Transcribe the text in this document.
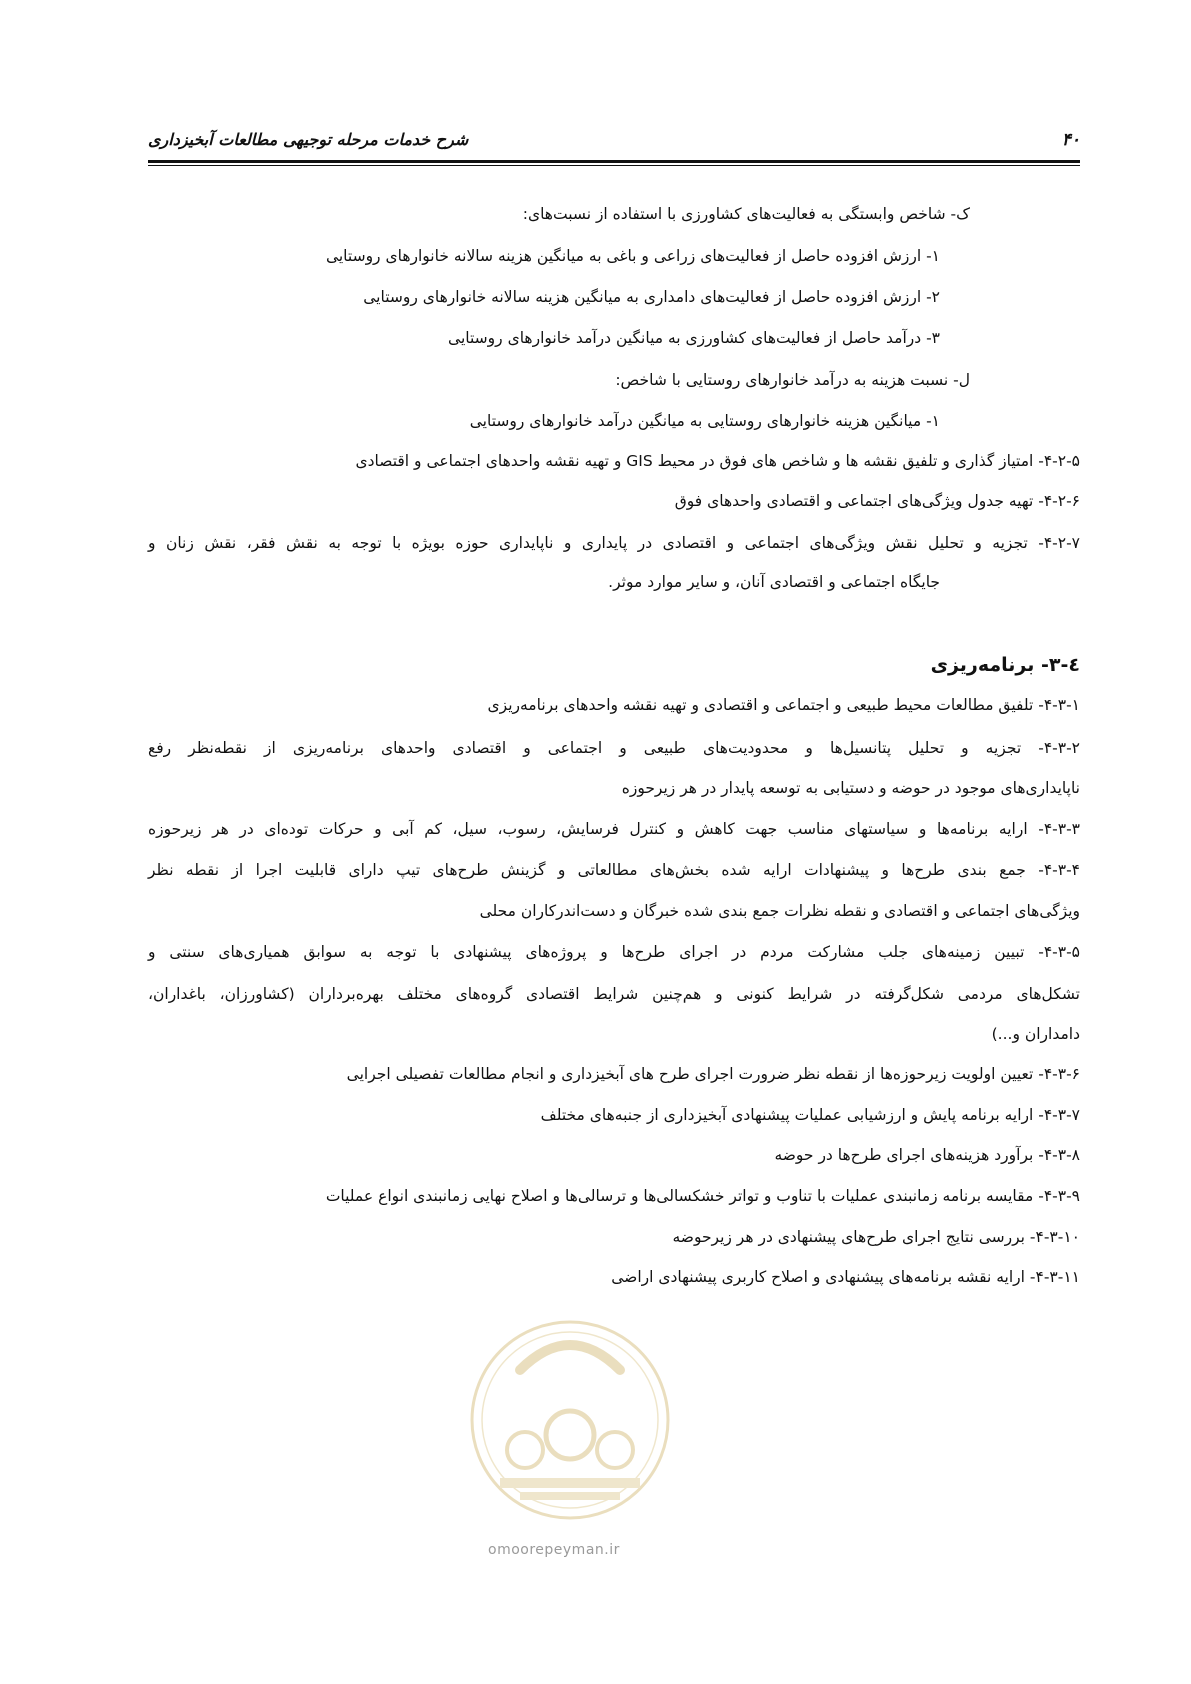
شرح خدمات مرحله توجیهی مطالعات آبخیزداری	۴۰
ک- شاخص وابستگی به فعالیت‌های کشاورزی با استفاده از نسبت‌های:
۱- ارزش افزوده حاصل از فعالیت‌های زراعی و باغی به میانگین هزینه سالانه خانوارهای روستایی
۲- ارزش افزوده حاصل از فعالیت‌های دامداری به میانگین هزینه سالانه خانوارهای روستایی
۳- درآمد حاصل از فعالیت‌های کشاورزی به میانگین درآمد خانوارهای روستایی
ل- نسبت هزینه به درآمد خانوارهای روستایی با شاخص:
۱- میانگین هزینه خانوارهای روستایی به میانگین درآمد خانوارهای روستایی
۴-۲-۵- امتیاز گذاری و تلفیق نقشه ها و شاخص های فوق در محیط GIS و تهیه نقشه واحدهای اجتماعی و اقتصادی
۴-۲-۶- تهیه جدول ویژگی‌های اجتماعی و اقتصادی واحدهای فوق
۴-۲-۷- تجزیه و تحلیل نقش ویژگی‌های اجتماعی و اقتصادی در پایداری و ناپایداری حوزه بویژه با توجه به نقش فقر، نقش زنان و
جایگاه اجتماعی و اقتصادی آنان، و سایر موارد موثر.
٤-۳- برنامه‌ریزی
۴-۳-۱- تلفیق مطالعات محیط طبیعی و اجتماعی و اقتصادی و تهیه نقشه واحدهای برنامه‌ریزی
۴-۳-۲- تجزیه و تحلیل پتانسیل‌ها و محدودیت‌های طبیعی و اجتماعی و اقتصادی واحدهای برنامه‌ریزی از نقطه‌نظر رفع
ناپایداری‌های موجود در حوضه و دستیابی به توسعه پایدار در هر زیرحوزه
۴-۳-۳- ارایه برنامه‌ها و سیاستهای مناسب جهت کاهش و کنترل فرسایش، رسوب، سیل، کم آبی و حرکات توده‌ای در هر زیرحوزه
۴-۳-۴- جمع بندی طرح‌ها و پیشنهادات ارایه شده بخش‌های مطالعاتی و گزینش طرح‌های تیپ دارای قابلیت اجرا از نقطه نظر
ویژگی‌های اجتماعی و اقتصادی و نقطه نظرات جمع بندی شده خبرگان و دست‌اندرکاران محلی
۴-۳-۵- تبیین زمینه‌های جلب مشارکت مردم در اجرای طرح‌ها و پروژه‌های پیشنهادی با توجه به سوابق همیاری‌های سنتی و
تشکل‌های مردمی شکل‌گرفته در شرایط کنونی و هم‌چنین شرایط اقتصادی گروه‌های مختلف بهره‌برداران (کشاورزان، باغداران،
دامداران و...)
۴-۳-۶- تعیین اولویت زیرحوزه‌ها از نقطه نظر ضرورت اجرای طرح های آبخیزداری و انجام مطالعات تفصیلی اجرایی
۴-۳-۷- ارایه برنامه پایش و ارزشیابی عملیات پیشنهادی آبخیزداری از جنبه‌های مختلف
۴-۳-۸- برآورد هزینه‌های اجرای طرح‌ها در حوضه
۴-۳-۹- مقایسه برنامه زمانبندی عملیات با تناوب و تواتر خشکسالی‌ها و ترسالی‌ها و اصلاح نهایی زمانبندی انواع عملیات
۴-۳-۱۰- بررسی نتایج اجرای طرح‌های پیشنهادی در هر زیرحوضه
۴-۳-۱۱- ارایه نقشه برنامه‌های پیشنهادی و اصلاح کاربری پیشنهادی اراضی
omoorepeyman.ir
